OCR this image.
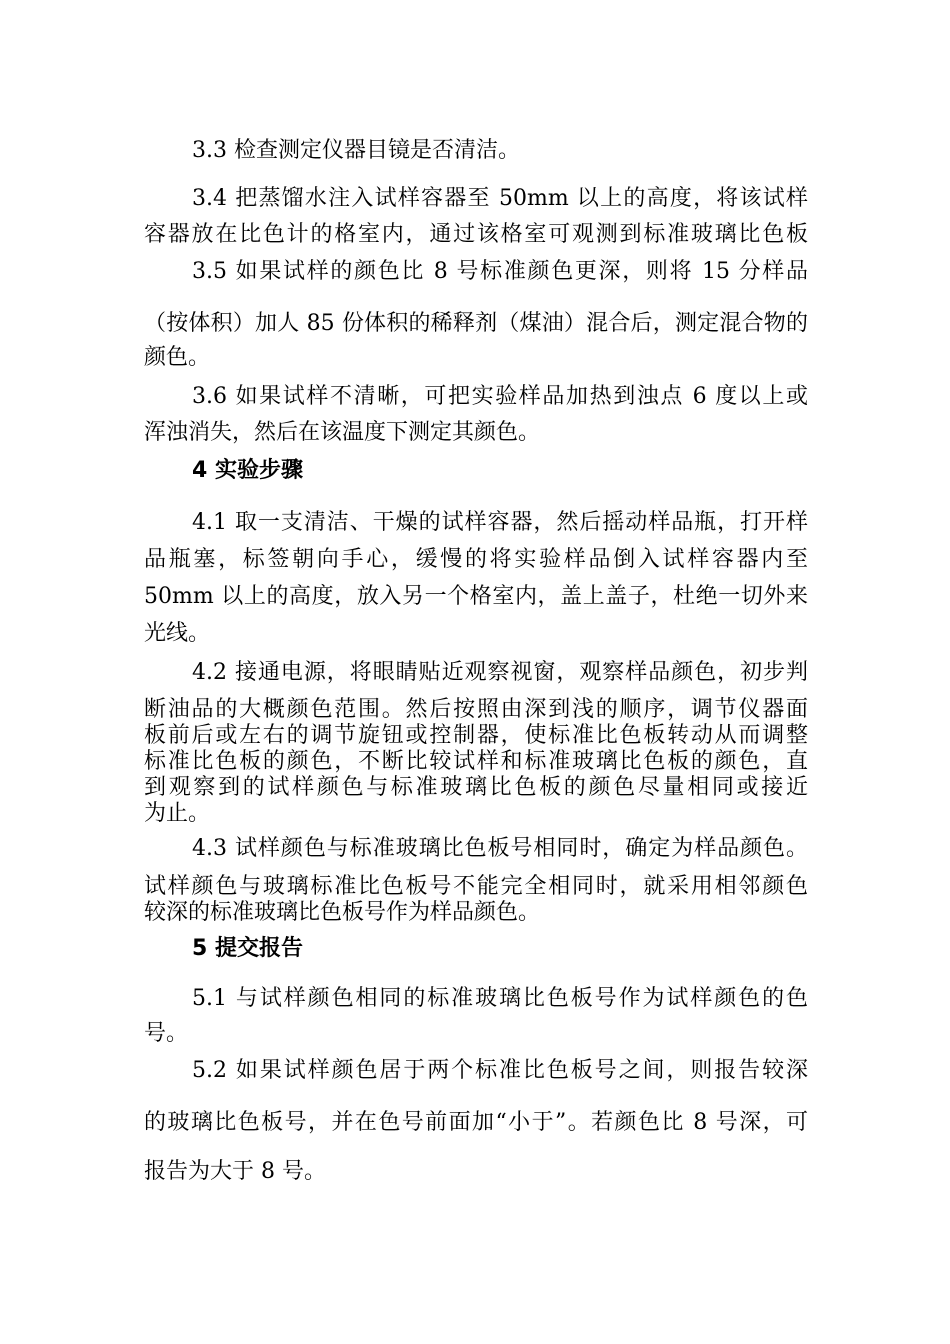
3.3 检查测定仪器目镜是否清洁。
3.4 把蒸馏水注入试样容器至 50mm 以上的高度，将该试样
容器放在比色计的格室内，通过该格室可观测到标准玻璃比色板
3.5 如果试样的颜色比 8 号标准颜色更深，则将 15 分样品
（按体积）加人 85 份体积的稀释剂（煤油）混合后，测定混合物的
颜色。
3.6 如果试样不清晰，可把实验样品加热到浊点 6 度以上或
浑浊消失，然后在该温度下测定其颜色。
4 实验步骤
4.1 取一支清洁、干燥的试样容器，然后摇动样品瓶，打开样
品瓶塞，标签朝向手心，缓慢的将实验样品倒入试样容器内至
50mm 以上的高度，放入另一个格室内，盖上盖子，杜绝一切外来
光线。
4.2 接通电源，将眼睛贴近观察视窗，观察样品颜色，初步判
断油品的大概颜色范围。然后按照由深到浅的顺序，调节仪器面
板前后或左右的调节旋钮或控制器，使标准比色板转动从而调整
标准比色板的颜色，不断比较试样和标准玻璃比色板的颜色，直
到观察到的试样颜色与标准玻璃比色板的颜色尽量相同或接近
为止。
4.3 试样颜色与标准玻璃比色板号相同时，确定为样品颜色。
试样颜色与玻璃标准比色板号不能完全相同时，就采用相邻颜色
较深的标准玻璃比色板号作为样品颜色。
5 提交报告
5.1 与试样颜色相同的标准玻璃比色板号作为试样颜色的色
号。
5.2 如果试样颜色居于两个标准比色板号之间，则报告较深
的玻璃比色板号，并在色号前面加“小于”。若颜色比 8 号深，可
报告为大于 8 号。
